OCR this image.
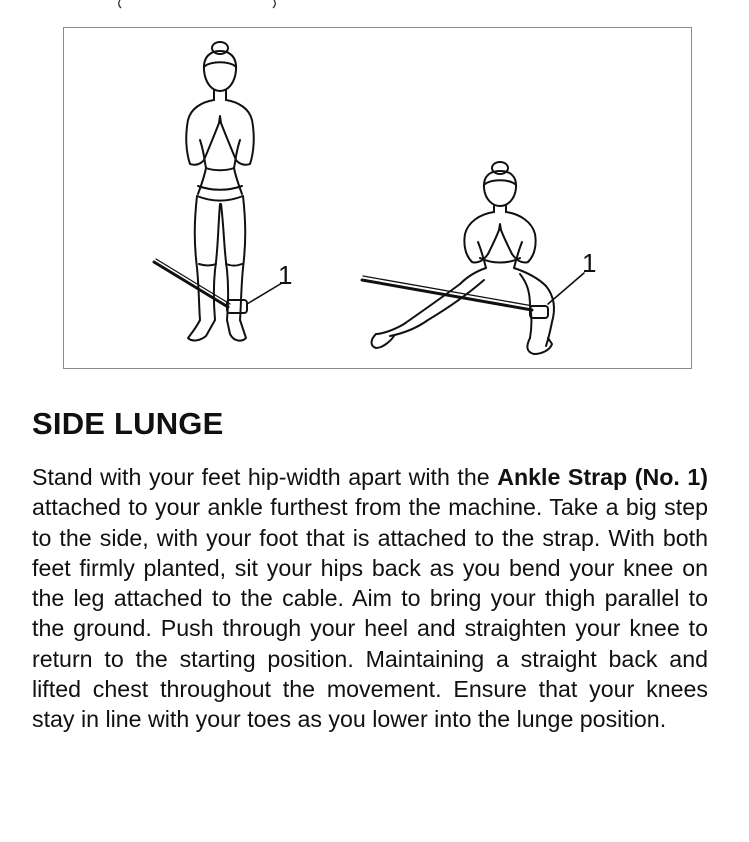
1	1
SIDE LUNGE

Stand with your feet hip-width apart with the Ankle Strap (No. 1) attached to your ankle furthest from the machine. Take a big step to the side, with your foot that is attached to the strap. With both feet firmly planted, sit your hips back as you bend your knee on the leg attached to the cable. Aim to bring your thigh parallel to the ground. Push through your heel and straighten your knee to return to the starting position. Maintaining a straight back and lifted chest throughout the movement. Ensure that your knees stay in line with your toes as you lower into the lunge position.
